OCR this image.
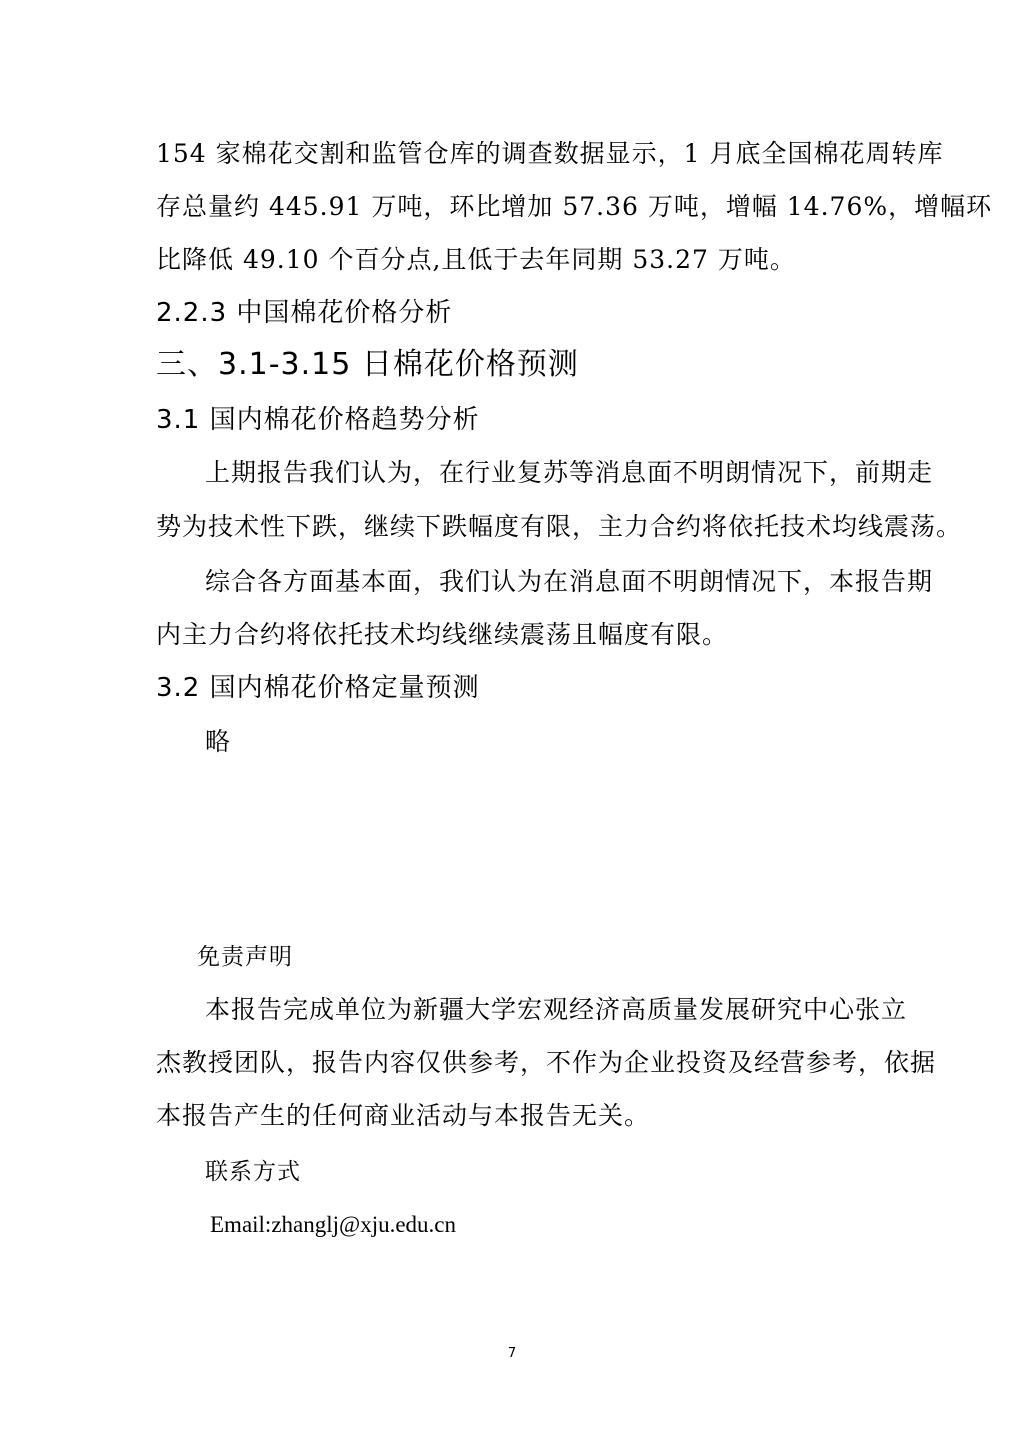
154 家棉花交割和监管仓库的调查数据显示，1 月底全国棉花周转库
存总量约 445.91 万吨，环比增加 57.36 万吨，增幅 14.76%，增幅环
比降低 49.10 个百分点,且低于去年同期 53.27 万吨。
2.2.3 中国棉花价格分析
三、3.1-3.15 日棉花价格预测
3.1 国内棉花价格趋势分析
上期报告我们认为，在行业复苏等消息面不明朗情况下，前期走
势为技术性下跌，继续下跌幅度有限，主力合约将依托技术均线震荡。
综合各方面基本面，我们认为在消息面不明朗情况下，本报告期
内主力合约将依托技术均线继续震荡且幅度有限。
3.2 国内棉花价格定量预测
略
免责声明
本报告完成单位为新疆大学宏观经济高质量发展研究中心张立
杰教授团队，报告内容仅供参考，不作为企业投资及经营参考，依据
本报告产生的任何商业活动与本报告无关。
联系方式
Email:zhanglj@xju.edu.cn
7
